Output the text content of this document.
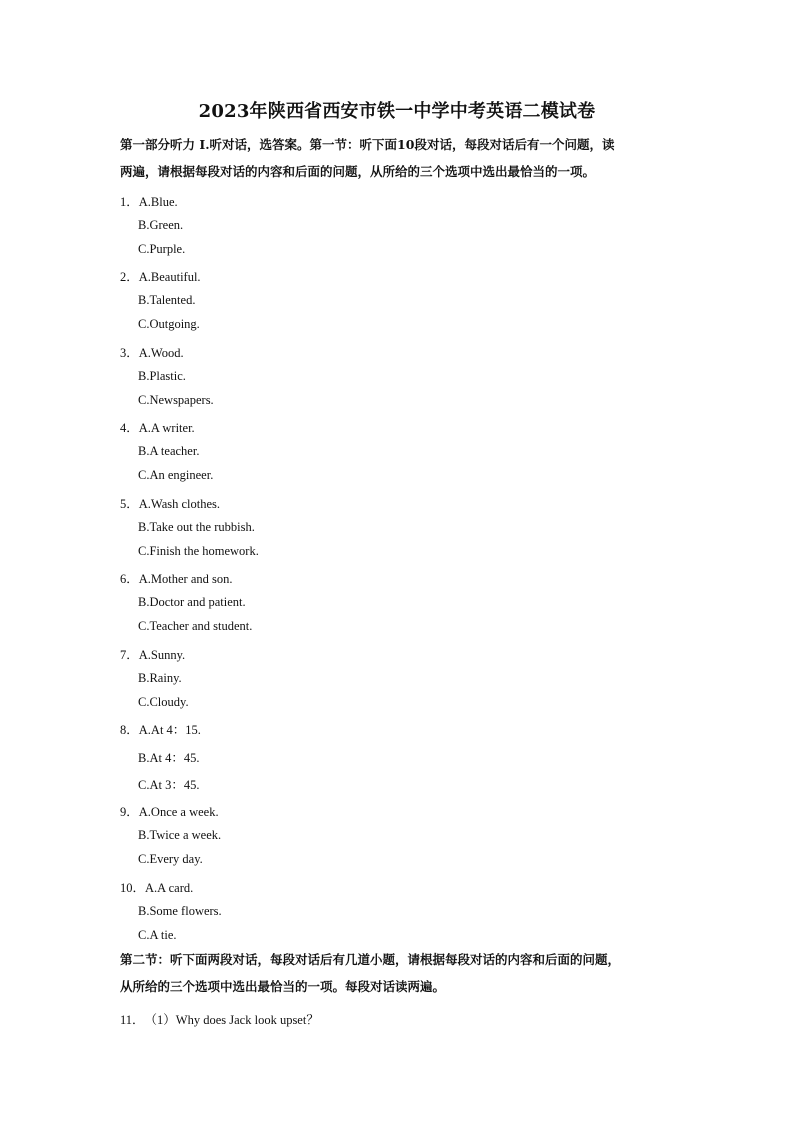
2023年陕西省西安市铁一中学中考英语二模试卷
第一部分听力 I.听对话，选答案。第一节：听下面10段对话，每段对话后有一个问题，读
两遍，请根据每段对话的内容和后面的问题，从所给的三个选项中选出最恰当的一项。
1．A.Blue.
B.Green.
C.Purple.
2．A.Beautiful.
B.Talented.
C.Outgoing.
3．A.Wood.
B.Plastic.
C.Newspapers.
4．A.A writer.
B.A teacher.
C.An engineer.
5．A.Wash clothes.
B.Take out the rubbish.
C.Finish the homework.
6．A.Mother and son.
B.Doctor and patient.
C.Teacher and student.
7．A.Sunny.
B.Rainy.
C.Cloudy.
8．A.At 4：15.
B.At 4：45.
C.At 3：45.
9．A.Once a week.
B.Twice a week.
C.Every day.
10．A.A card.
B.Some flowers.
C.A tie.
第二节：听下面两段对话，每段对话后有几道小题，请根据每段对话的内容和后面的问题，
从所给的三个选项中选出最恰当的一项。每段对话读两遍。
11．（1）Why does Jack look upset？
